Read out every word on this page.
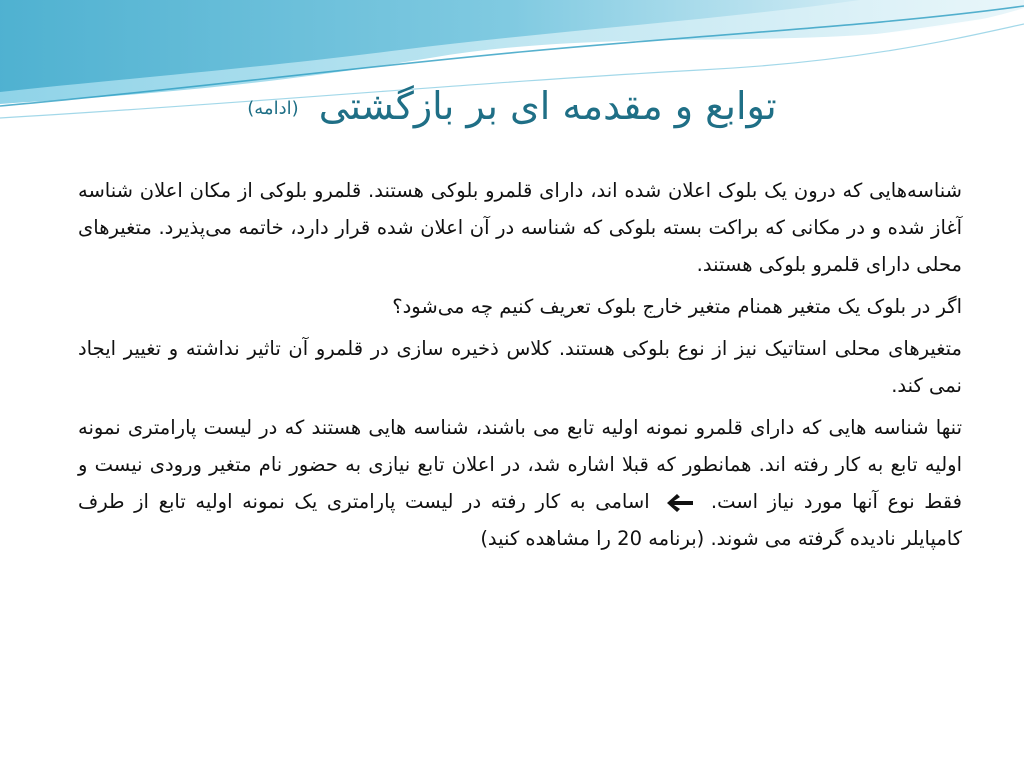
توابع و مقدمه ای بر بازگشتی (ادامه)

شناسه‌هایی که درون یک بلوک اعلان شده اند، دارای قلمرو بلوکی هستند. قلمرو بلوکی از مکان اعلان شناسه آغاز شده و در مکانی که براکت بسته بلوکی که شناسه در آن اعلان شده قرار دارد، خاتمه می‌پذیرد. متغیرهای محلی دارای قلمرو بلوکی هستند.

اگر در بلوک یک متغیر همنام متغیر خارج بلوک تعریف کنیم چه می‌شود؟

متغیرهای محلی استاتیک نیز از نوع بلوکی هستند. کلاس ذخیره سازی در قلمرو آن تاثیر نداشته و تغییر ایجاد نمی کند.

تنها شناسه هایی که دارای قلمرو نمونه اولیه تابع می باشند، شناسه هایی هستند که در لیست پارامتری نمونه اولیه تابع به کار رفته اند. همانطور که قبلا اشاره شد، در اعلان تابع نیازی به حضور نام متغیر ورودی نیست و فقط نوع آنها مورد نیاز است.  اسامی به کار رفته در لیست پارامتری یک نمونه اولیه تابع از طرف کامپایلر نادیده گرفته می شوند. (برنامه 20 را مشاهده کنید)
